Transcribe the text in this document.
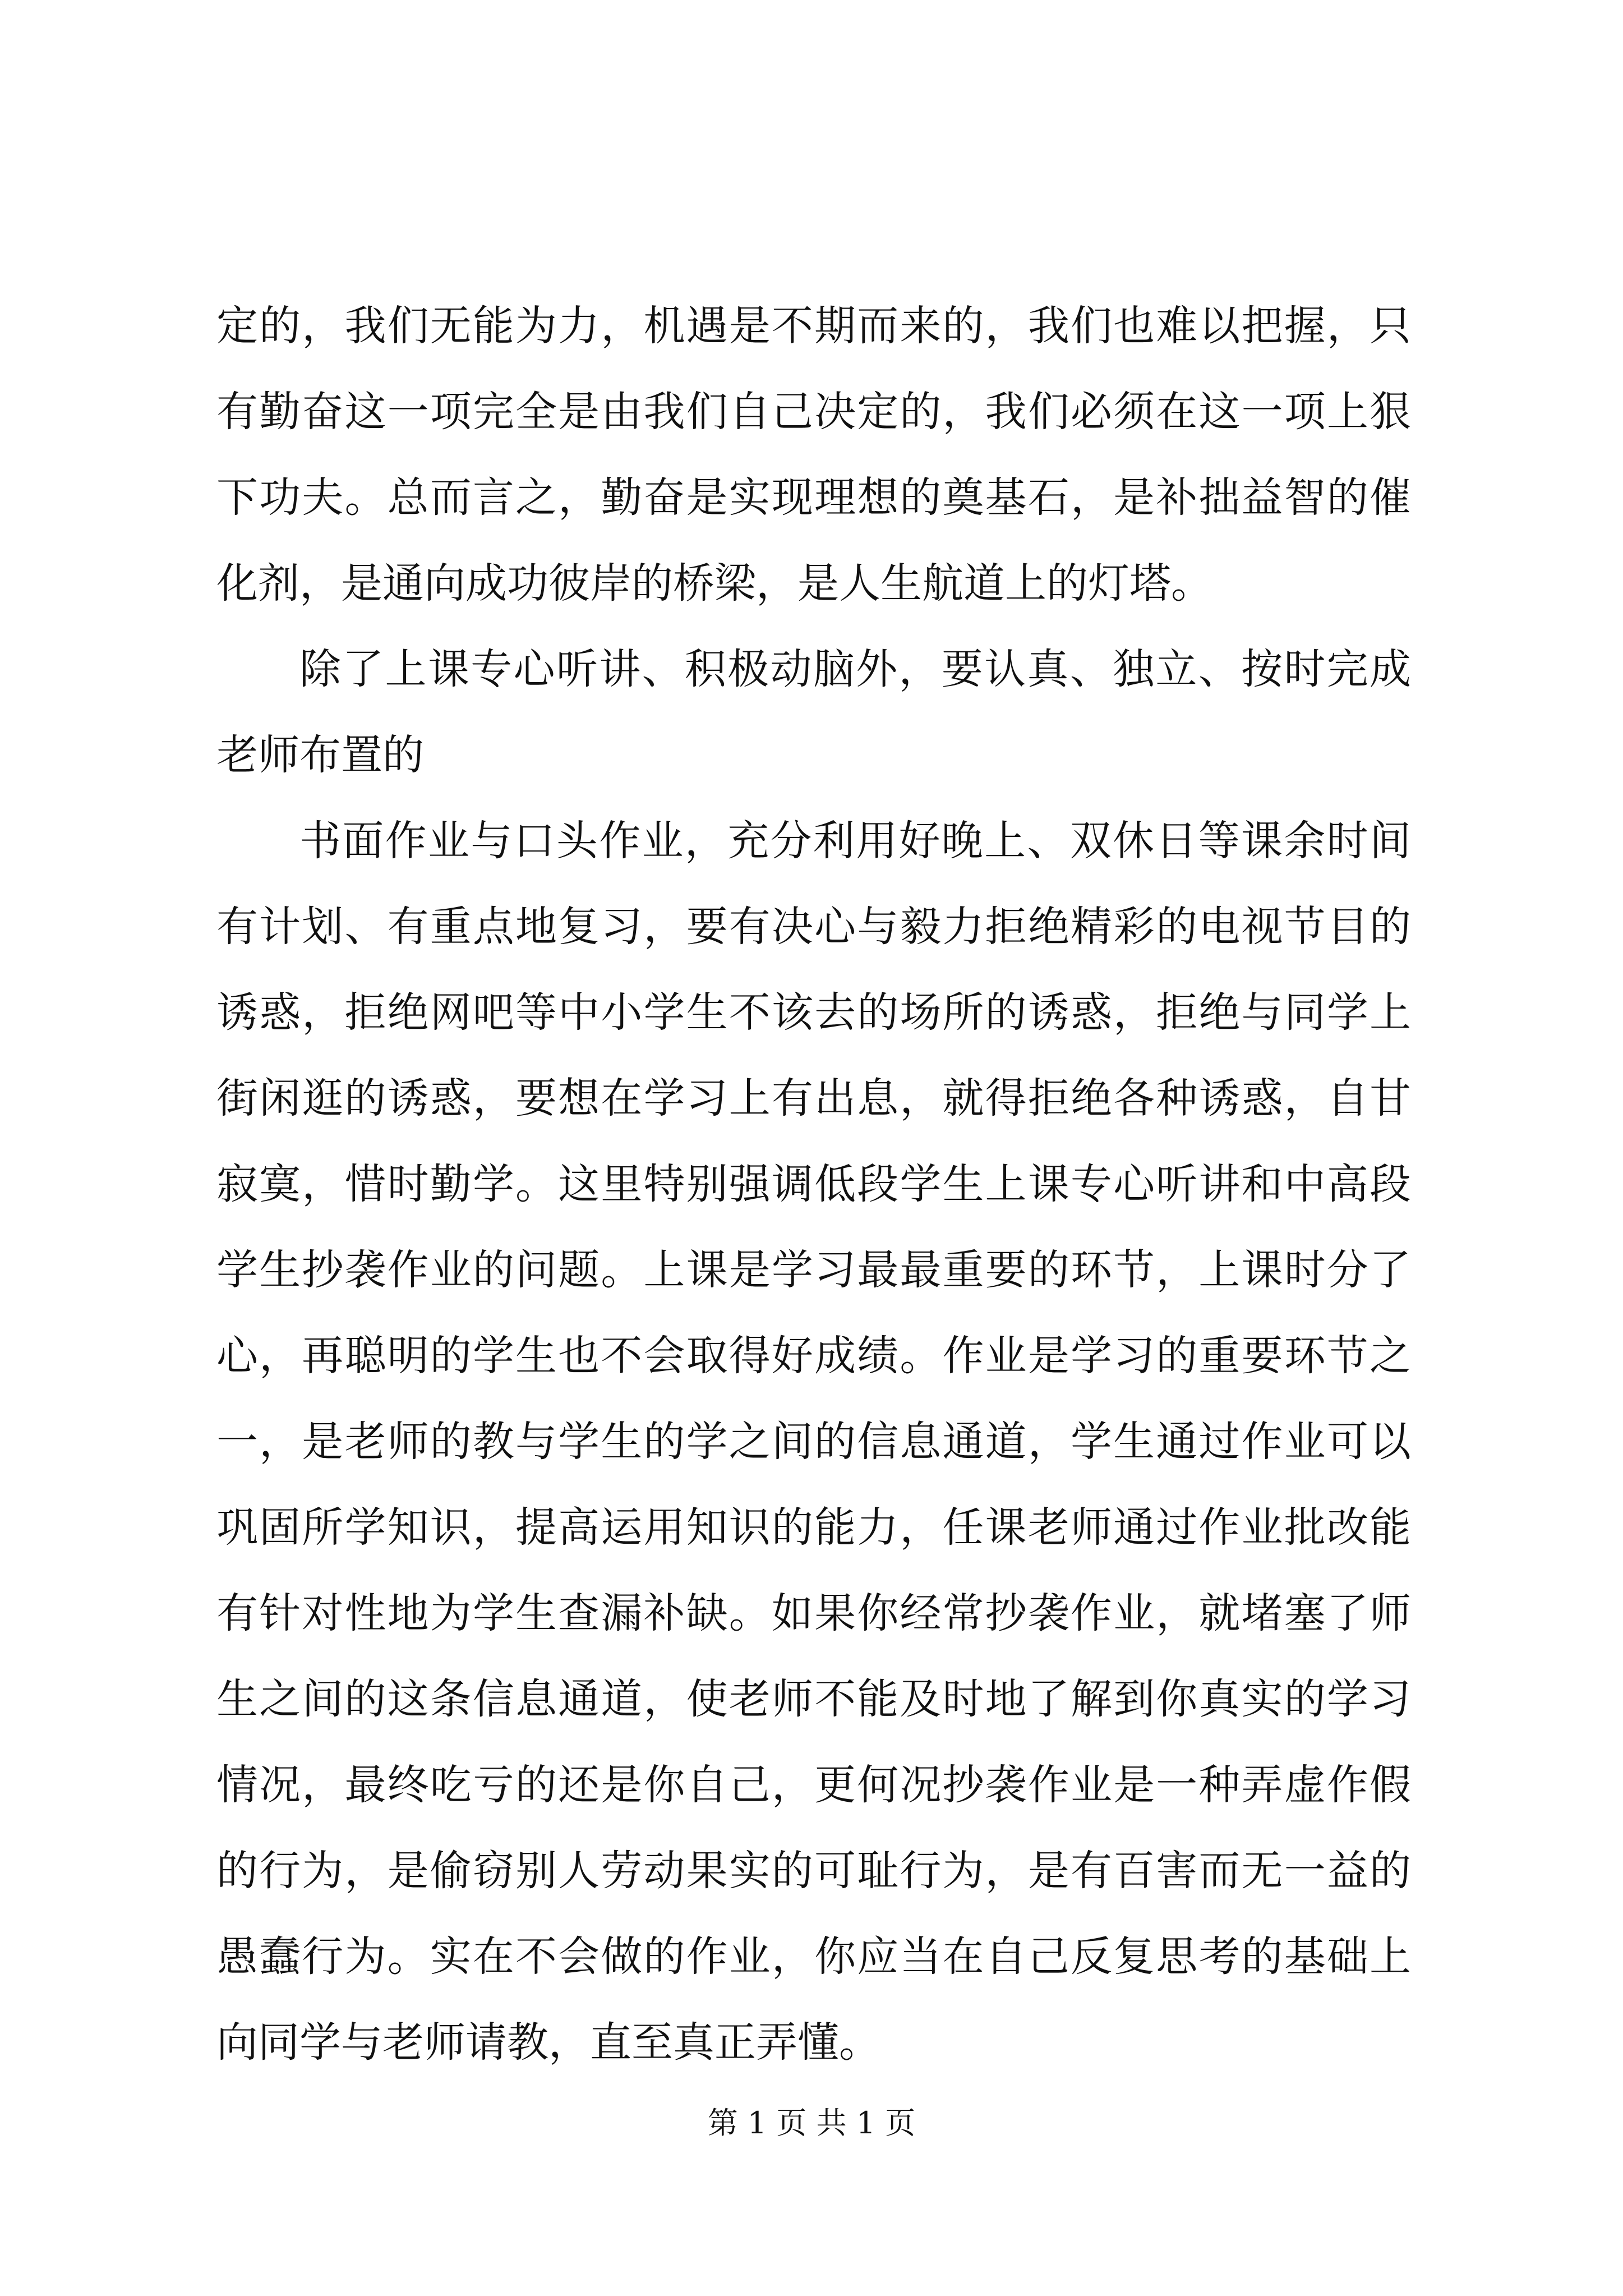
定的，我们无能为力，机遇是不期而来的，我们也难以把握，只
有勤奋这一项完全是由我们自己决定的，我们必须在这一项上狠
下功夫。总而言之，勤奋是实现理想的奠基石，是补拙益智的催
化剂，是通向成功彼岸的桥梁，是人生航道上的灯塔。
除了上课专心听讲、积极动脑外，要认真、独立、按时完成
老师布置的
书面作业与口头作业，充分利用好晚上、双休日等课余时间
有计划、有重点地复习，要有决心与毅力拒绝精彩的电视节目的
诱惑，拒绝网吧等中小学生不该去的场所的诱惑，拒绝与同学上
街闲逛的诱惑，要想在学习上有出息，就得拒绝各种诱惑，自甘
寂寞，惜时勤学。这里特别强调低段学生上课专心听讲和中高段
学生抄袭作业的问题。上课是学习最最重要的环节，上课时分了
心，再聪明的学生也不会取得好成绩。作业是学习的重要环节之
一，是老师的教与学生的学之间的信息通道，学生通过作业可以
巩固所学知识，提高运用知识的能力，任课老师通过作业批改能
有针对性地为学生查漏补缺。如果你经常抄袭作业，就堵塞了师
生之间的这条信息通道，使老师不能及时地了解到你真实的学习
情况，最终吃亏的还是你自己，更何况抄袭作业是一种弄虚作假
的行为，是偷窃别人劳动果实的可耻行为，是有百害而无一益的
愚蠢行为。实在不会做的作业，你应当在自己反复思考的基础上
向同学与老师请教，直至真正弄懂。
第 1 页 共 1 页
